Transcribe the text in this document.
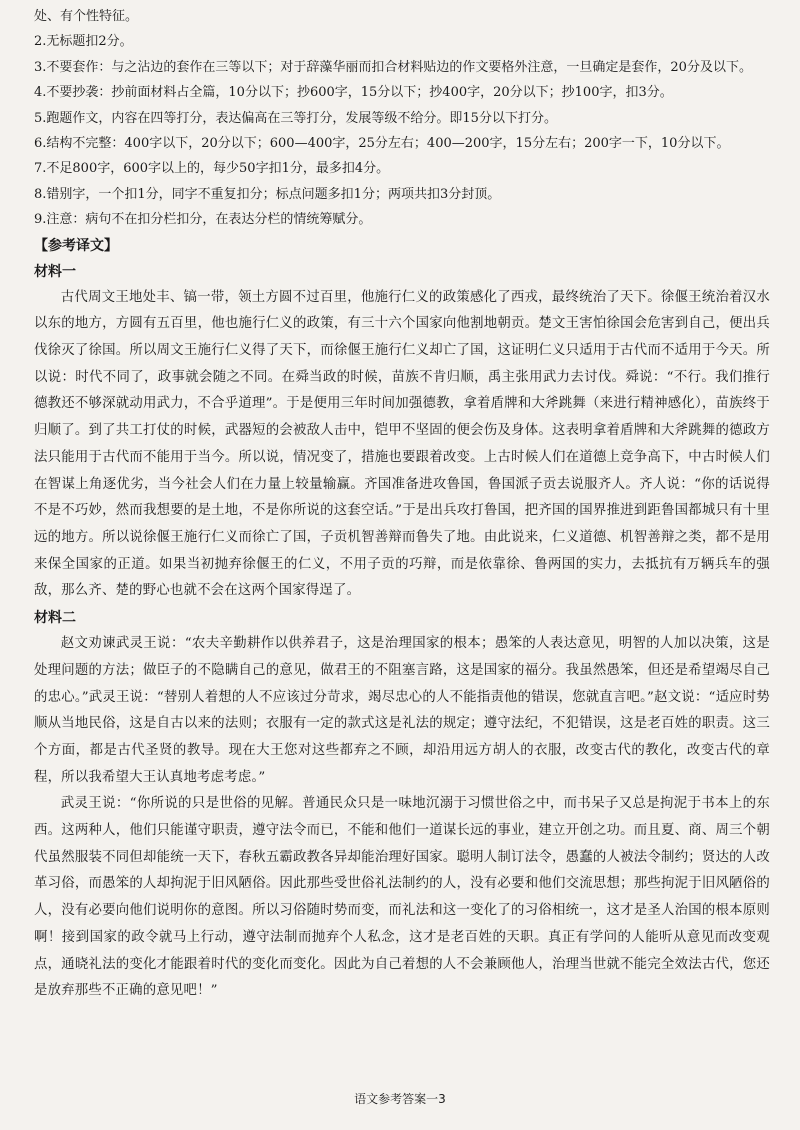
处、有个性特征。

2.无标题扣2分。

3.不要套作：与之沾边的套作在三等以下；对于辞藻华丽而扣合材料贴边的作文要格外注意，一旦确定是套作，20分及以下。

4.不要抄袭：抄前面材料占全篇，10分以下；抄600字，15分以下；抄400字，20分以下；抄100字，扣3分。

5.跑题作文，内容在四等打分，表达偏高在三等打分，发展等级不给分。即15分以下打分。

6.结构不完整：400字以下，20分以下；600—400字，25分左右；400—200字，15分左右；200字一下，10分以下。

7.不足800字，600字以上的，每少50字扣1分，最多扣4分。

8.错别字，一个扣1分，同字不重复扣分；标点问题多扣1分；两项共扣3分封顶。

9.注意：病句不在扣分栏扣分，在表达分栏的情统筹赋分。

【参考译文】

材料一

古代周文王地处丰、镐一带，领土方圆不过百里，他施行仁义的政策感化了西戎，最终统治了天下。徐偃王统治着汉水以东的地方，方圆有五百里，他也施行仁义的政策，有三十六个国家向他割地朝贡。楚文王害怕徐国会危害到自己，便出兵伐徐灭了徐国。所以周文王施行仁义得了天下，而徐偃王施行仁义却亡了国，这证明仁义只适用于古代而不适用于今天。所以说：时代不同了，政事就会随之不同。在舜当政的时候，苗族不肯归顺，禹主张用武力去讨伐。舜说：“不行。我们推行德教还不够深就动用武力，不合乎道理”。于是便用三年时间加强德教，拿着盾牌和大斧跳舞（来进行精神感化），苗族终于归顺了。到了共工打仗的时候，武器短的会被敌人击中，铠甲不坚固的便会伤及身体。这表明拿着盾牌和大斧跳舞的德政方法只能用于古代而不能用于当今。所以说，情况变了，措施也要跟着改变。上古时候人们在道德上竞争高下，中古时候人们在智谋上角逐优劣，当今社会人们在力量上较量输赢。齐国准备进攻鲁国，鲁国派子贡去说服齐人。齐人说：“你的话说得不是不巧妙，然而我想要的是土地，不是你所说的这套空话。”于是出兵攻打鲁国，把齐国的国界推进到距鲁国都城只有十里远的地方。所以说徐偃王施行仁义而徐亡了国，子贡机智善辩而鲁失了地。由此说来，仁义道德、机智善辩之类，都不是用来保全国家的正道。如果当初抛弃徐偃王的仁义，不用子贡的巧辩，而是依靠徐、鲁两国的实力，去抵抗有万辆兵车的强敌，那么齐、楚的野心也就不会在这两个国家得逞了。

材料二

赵文劝谏武灵王说：“农夫辛勤耕作以供养君子，这是治理国家的根本；愚笨的人表达意见，明智的人加以决策，这是处理问题的方法；做臣子的不隐瞒自己的意见，做君王的不阻塞言路，这是国家的福分。我虽然愚笨，但还是希望竭尽自己的忠心。”武灵王说：“替别人着想的人不应该过分苛求，竭尽忠心的人不能指责他的错误，您就直言吧。”赵文说：“适应时势顺从当地民俗，这是自古以来的法则；衣服有一定的款式这是礼法的规定；遵守法纪，不犯错误，这是老百姓的职责。这三个方面，都是古代圣贤的教导。现在大王您对这些都弃之不顾，却沿用远方胡人的衣服，改变古代的教化，改变古代的章程，所以我希望大王认真地考虑考虑。”

武灵王说：“你所说的只是世俗的见解。普通民众只是一味地沉溺于习惯世俗之中，而书呆子又总是拘泥于书本上的东西。这两种人，他们只能谨守职责，遵守法令而已，不能和他们一道谋长远的事业，建立开创之功。而且夏、商、周三个朝代虽然服装不同但却能统一天下，春秋五霸政教各异却能治理好国家。聪明人制订法令，愚蠢的人被法令制约；贤达的人改革习俗，而愚笨的人却拘泥于旧风陋俗。因此那些受世俗礼法制约的人，没有必要和他们交流思想；那些拘泥于旧风陋俗的人，没有必要向他们说明你的意图。所以习俗随时势而变，而礼法和这一变化了的习俗相统一，这才是圣人治国的根本原则啊！接到国家的政令就马上行动，遵守法制而抛弃个人私念，这才是老百姓的天职。真正有学问的人能听从意见而改变观点，通晓礼法的变化才能跟着时代的变化而变化。因此为自己着想的人不会兼顾他人，治理当世就不能完全效法古代，您还是放弃那些不正确的意见吧！”

语文参考答案一3
